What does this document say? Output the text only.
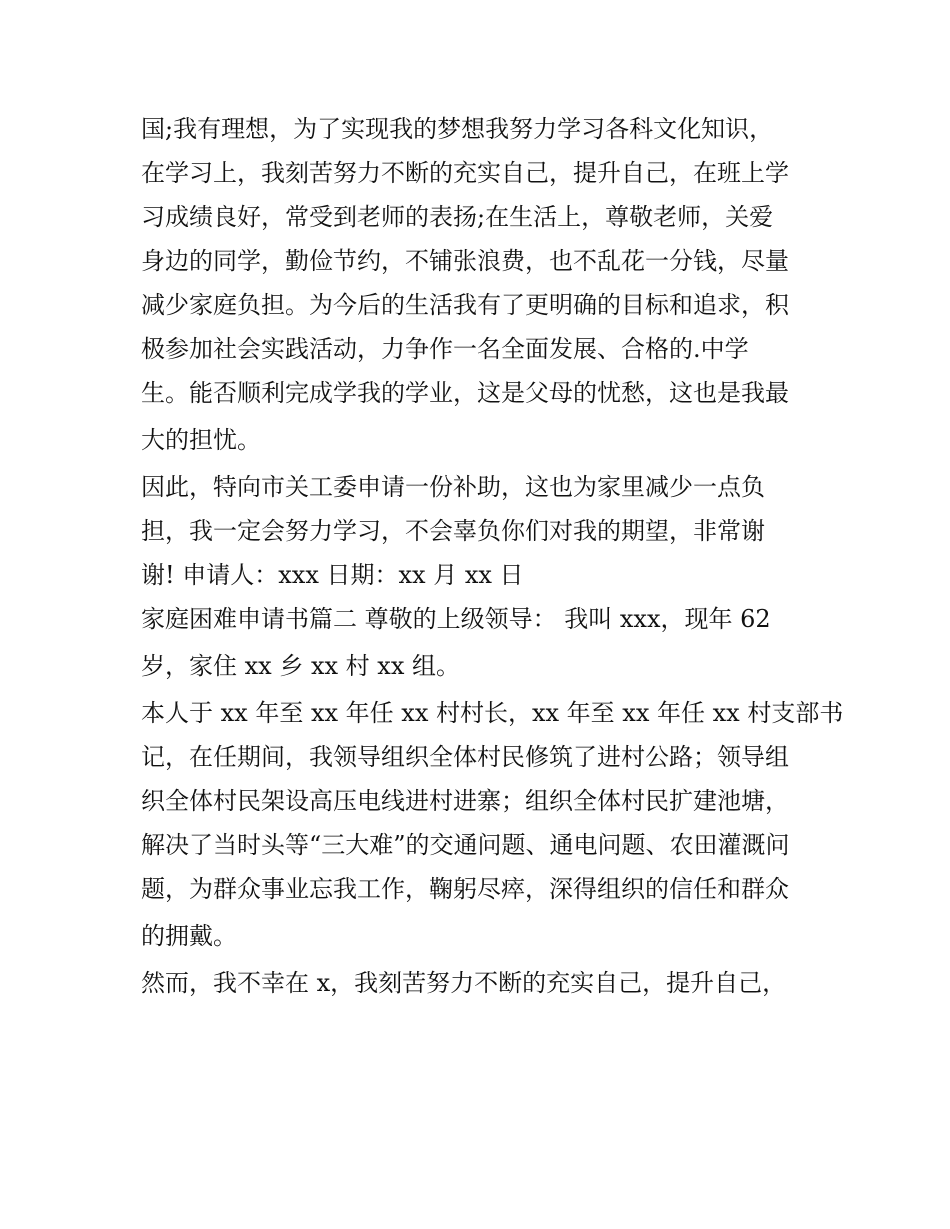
国;我有理想，为了实现我的梦想我努力学习各科文化知识，
在学习上，我刻苦努力不断的充实自己，提升自己，在班上学
习成绩良好，常受到老师的表扬;在生活上，尊敬老师，关爱
身边的同学，勤俭节约，不铺张浪费，也不乱花一分钱，尽量
减少家庭负担。为今后的生活我有了更明确的目标和追求，积
极参加社会实践活动，力争作一名全面发展、合格的.中学
生。能否顺利完成学我的学业，这是父母的忧愁，这也是我最
大的担忧。
因此，特向市关工委申请一份补助，这也为家里减少一点负
担，我一定会努力学习，不会辜负你们对我的期望，非常谢
谢! 申请人：xxx 日期：xx 月 xx 日
家庭困难申请书篇二 尊敬的上级领导： 我叫 xxx，现年 62
岁，家住 xx 乡 xx 村 xx 组。
本人于 xx 年至 xx 年任 xx 村村长，xx 年至 xx 年任 xx 村支部书
记，在任期间，我领导组织全体村民修筑了进村公路；领导组
织全体村民架设高压电线进村进寨；组织全体村民扩建池塘，
解决了当时头等“三大难”的交通问题、通电问题、农田灌溉问
题，为群众事业忘我工作，鞠躬尽瘁，深得组织的信任和群众
的拥戴。
然而，我不幸在 x，我刻苦努力不断的充实自己，提升自己，
